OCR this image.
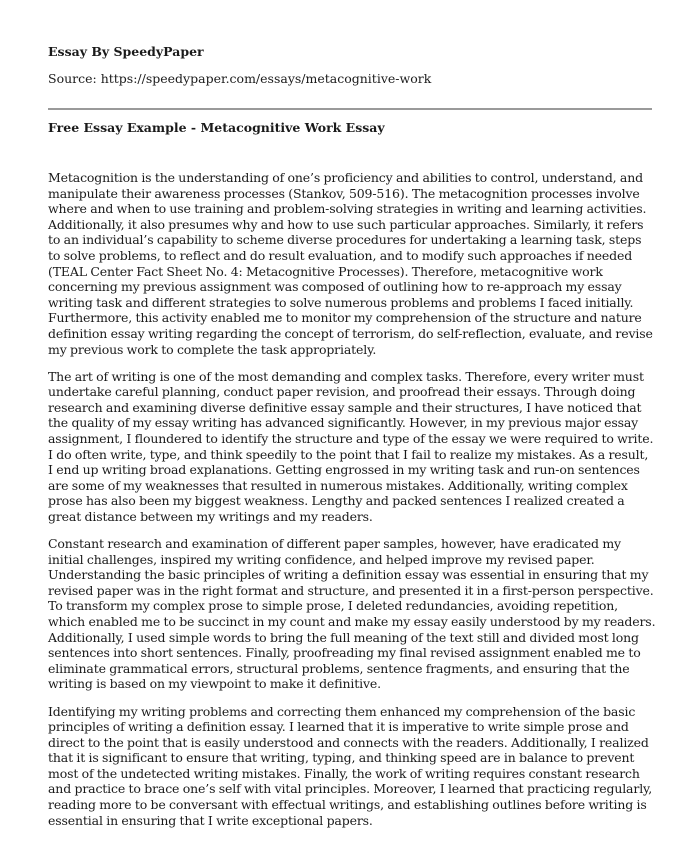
Essay By SpeedyPaper

Source: https://speedypaper.com/essays/metacognitive-work

Free Essay Example - Metacognitive Work Essay

Metacognition is the understanding of one’s proficiency and abilities to control, understand, and manipulate their awareness processes (Stankov, 509-516). The metacognition processes involve where and when to use training and problem-solving strategies in writing and learning activities. Additionally, it also presumes why and how to use such particular approaches. Similarly, it refers to an individual’s capability to scheme diverse procedures for undertaking a learning task, steps to solve problems, to reflect and do result evaluation, and to modify such approaches if needed (TEAL Center Fact Sheet No. 4: Metacognitive Processes). Therefore, metacognitive work concerning my previous assignment was composed of outlining how to re-approach my essay writing task and different strategies to solve numerous problems and problems I faced initially. Furthermore, this activity enabled me to monitor my comprehension of the structure and nature definition essay writing regarding the concept of terrorism, do self-reflection, evaluate, and revise my previous work to complete the task appropriately.

The art of writing is one of the most demanding and complex tasks. Therefore, every writer must undertake careful planning, conduct paper revision, and proofread their essays. Through doing research and examining diverse definitive essay sample and their structures, I have noticed that the quality of my essay writing has advanced significantly. However, in my previous major essay assignment, I floundered to identify the structure and type of the essay we were required to write. I do often write, type, and think speedily to the point that I fail to realize my mistakes. As a result, I end up writing broad explanations. Getting engrossed in my writing task and run-on sentences are some of my weaknesses that resulted in numerous mistakes. Additionally, writing complex prose has also been my biggest weakness. Lengthy and packed sentences I realized created a great distance between my writings and my readers.

Constant research and examination of different paper samples, however, have eradicated my initial challenges, inspired my writing confidence, and helped improve my revised paper. Understanding the basic principles of writing a definition essay was essential in ensuring that my revised paper was in the right format and structure, and presented it in a first-person perspective. To transform my complex prose to simple prose, I deleted redundancies, avoiding repetition, which enabled me to be succinct in my count and make my essay easily understood by my readers. Additionally, I used simple words to bring the full meaning of the text still and divided most long sentences into short sentences. Finally, proofreading my final revised assignment enabled me to eliminate grammatical errors, structural problems, sentence fragments, and ensuring that the writing is based on my viewpoint to make it definitive.

Identifying my writing problems and correcting them enhanced my comprehension of the basic principles of writing a definition essay. I learned that it is imperative to write simple prose and direct to the point that is easily understood and connects with the readers. Additionally, I realized that it is significant to ensure that writing, typing, and thinking speed are in balance to prevent most of the undetected writing mistakes. Finally, the work of writing requires constant research and practice to brace one’s self with vital principles. Moreover, I learned that practicing regularly, reading more to be conversant with effectual writings, and establishing outlines before writing is essential in ensuring that I write exceptional papers.
